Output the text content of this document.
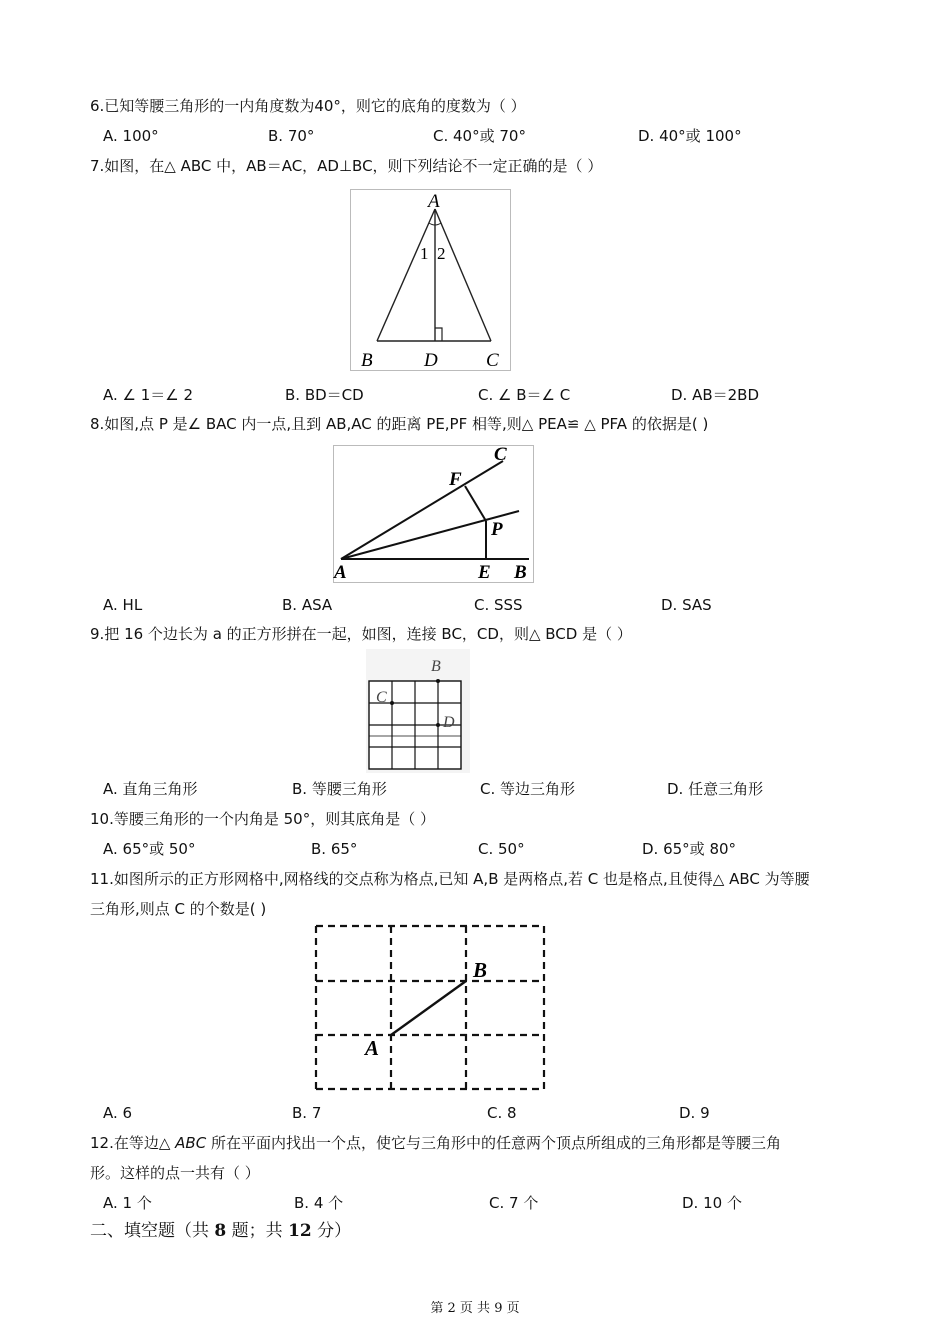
6.已知等腰三角形的一内角度数为40°，则它的底角的度数为（ ）
A. 100°	B. 70°	C. 40°或 70°	D. 40°或 100°
7.如图，在△ ABC 中，AB＝AC，AD⊥BC，则下列结论不一定正确的是（ ）
A
1 2
B	D	C
A. ∠ 1＝∠ 2	B. BD＝CD	C. ∠ B＝∠ C	D. AB＝2BD
8.如图,点 P 是∠ BAC 内一点,且到 AB,AC 的距离 PE,PF 相等,则△ PEA≌ △ PFA 的依据是( )
C
F
P
A	E B
A. HL	B. ASA	C. SSS	D. SAS
9.把 16 个边长为 a 的正方形拼在一起，如图，连接 BC，CD，则△ BCD 是（ ）
B
C
D
A. 直角三角形	B. 等腰三角形	C. 等边三角形	D. 任意三角形
10.等腰三角形的一个内角是 50°，则其底角是（ ）
A. 65°或 50°	B. 65°	C. 50°	D. 65°或 80°
11.如图所示的正方形网格中,网格线的交点称为格点,已知 A,B 是两格点,若 C 也是格点,且使得△ ABC 为等腰
三角形,则点 C 的个数是( )
B
A
A. 6	B. 7	C. 8	D. 9
12.在等边△ ABC 所在平面内找出一个点，使它与三角形中的任意两个顶点所组成的三角形都是等腰三角
形。这样的点一共有（ ）
A. 1 个	B. 4 个	C. 7 个	D. 10 个
二、填空题（共 8 题；共 12 分）
第 2 页 共 9 页
